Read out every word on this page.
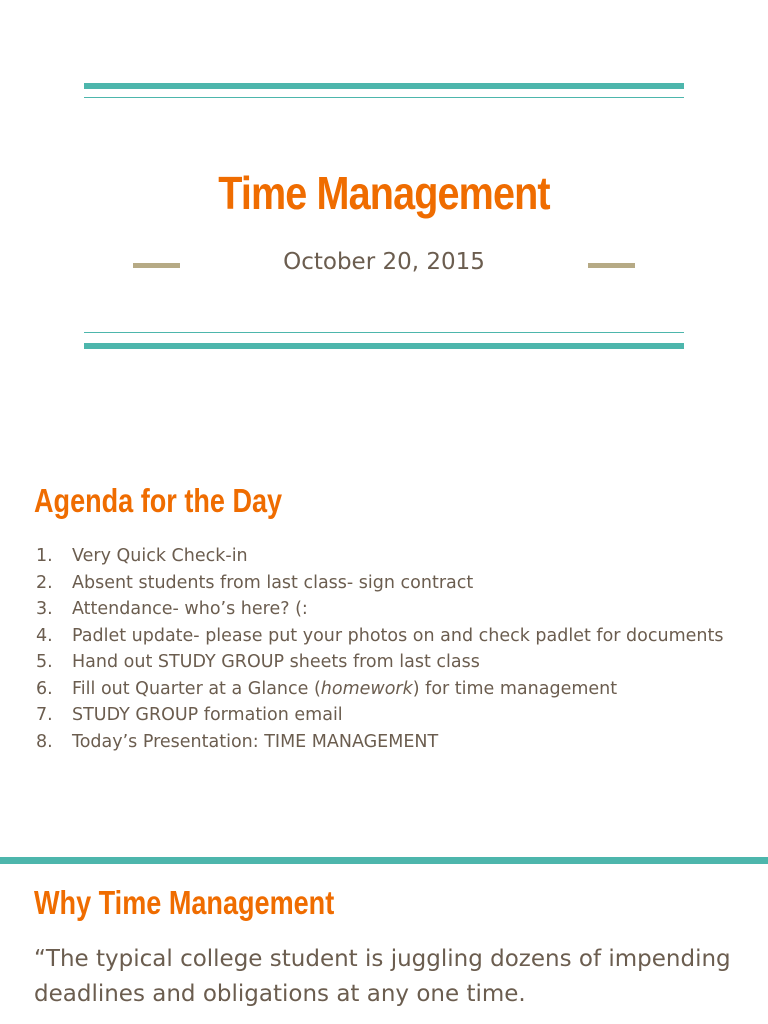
Time Management
October 20, 2015
Agenda for the Day
1. Very Quick Check-in
2. Absent students from last class- sign contract
3. Attendance- who’s here? (:
4. Padlet update- please put your photos on and check padlet for documents
5. Hand out STUDY GROUP sheets from last class
6. Fill out Quarter at a Glance (homework) for time management
7. STUDY GROUP formation email
8. Today’s Presentation: TIME MANAGEMENT
Why Time Management
“The typical college student is juggling dozens of impending deadlines and obligations at any one time.
